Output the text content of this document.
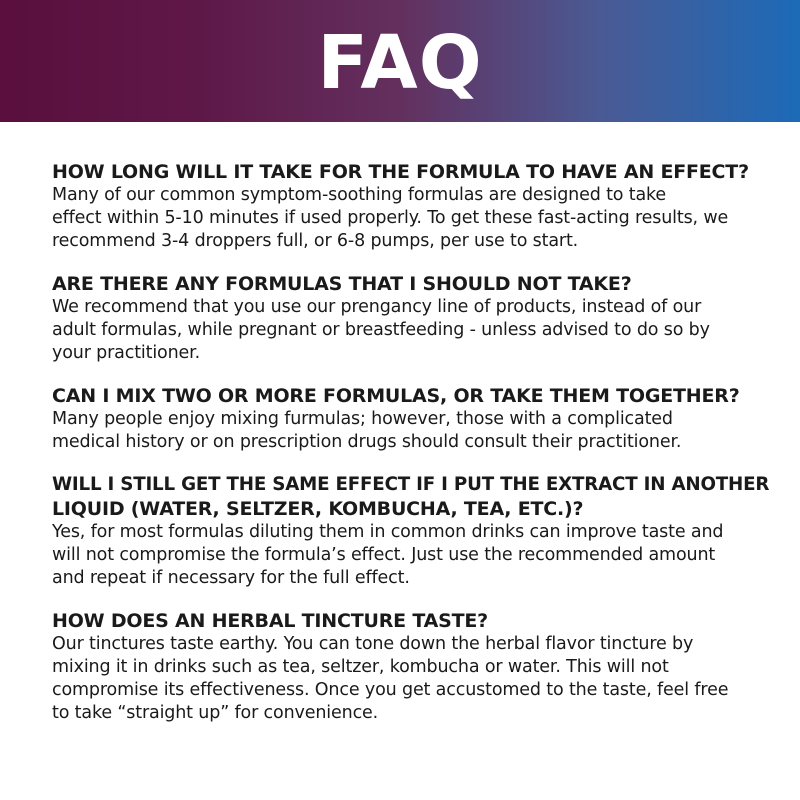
FAQ
HOW LONG WILL IT TAKE FOR THE FORMULA TO HAVE AN EFFECT?
Many of our common symptom-soothing formulas are designed to take
effect within 5-10 minutes if used properly. To get these fast-acting results, we
recommend 3-4 droppers full, or 6-8 pumps, per use to start.
ARE THERE ANY FORMULAS THAT I SHOULD NOT TAKE?
We recommend that you use our prengancy line of products, instead of our
adult formulas, while pregnant or breastfeeding - unless advised to do so by
your practitioner.
CAN I MIX TWO OR MORE FORMULAS, OR TAKE THEM TOGETHER?
Many people enjoy mixing furmulas; however, those with a complicated
medical history or on prescription drugs should consult their practitioner.
WILL I STILL GET THE SAME EFFECT IF I PUT THE EXTRACT IN ANOTHER
LIQUID (WATER, SELTZER, KOMBUCHA, TEA, ETC.)?
Yes, for most formulas diluting them in common drinks can improve taste and
will not compromise the formula’s effect. Just use the recommended amount
and repeat if necessary for the full effect.
HOW DOES AN HERBAL TINCTURE TASTE?
Our tinctures taste earthy. You can tone down the herbal flavor tincture by
mixing it in drinks such as tea, seltzer, kombucha or water. This will not
compromise its effectiveness. Once you get accustomed to the taste, feel free
to take “straight up” for convenience.
